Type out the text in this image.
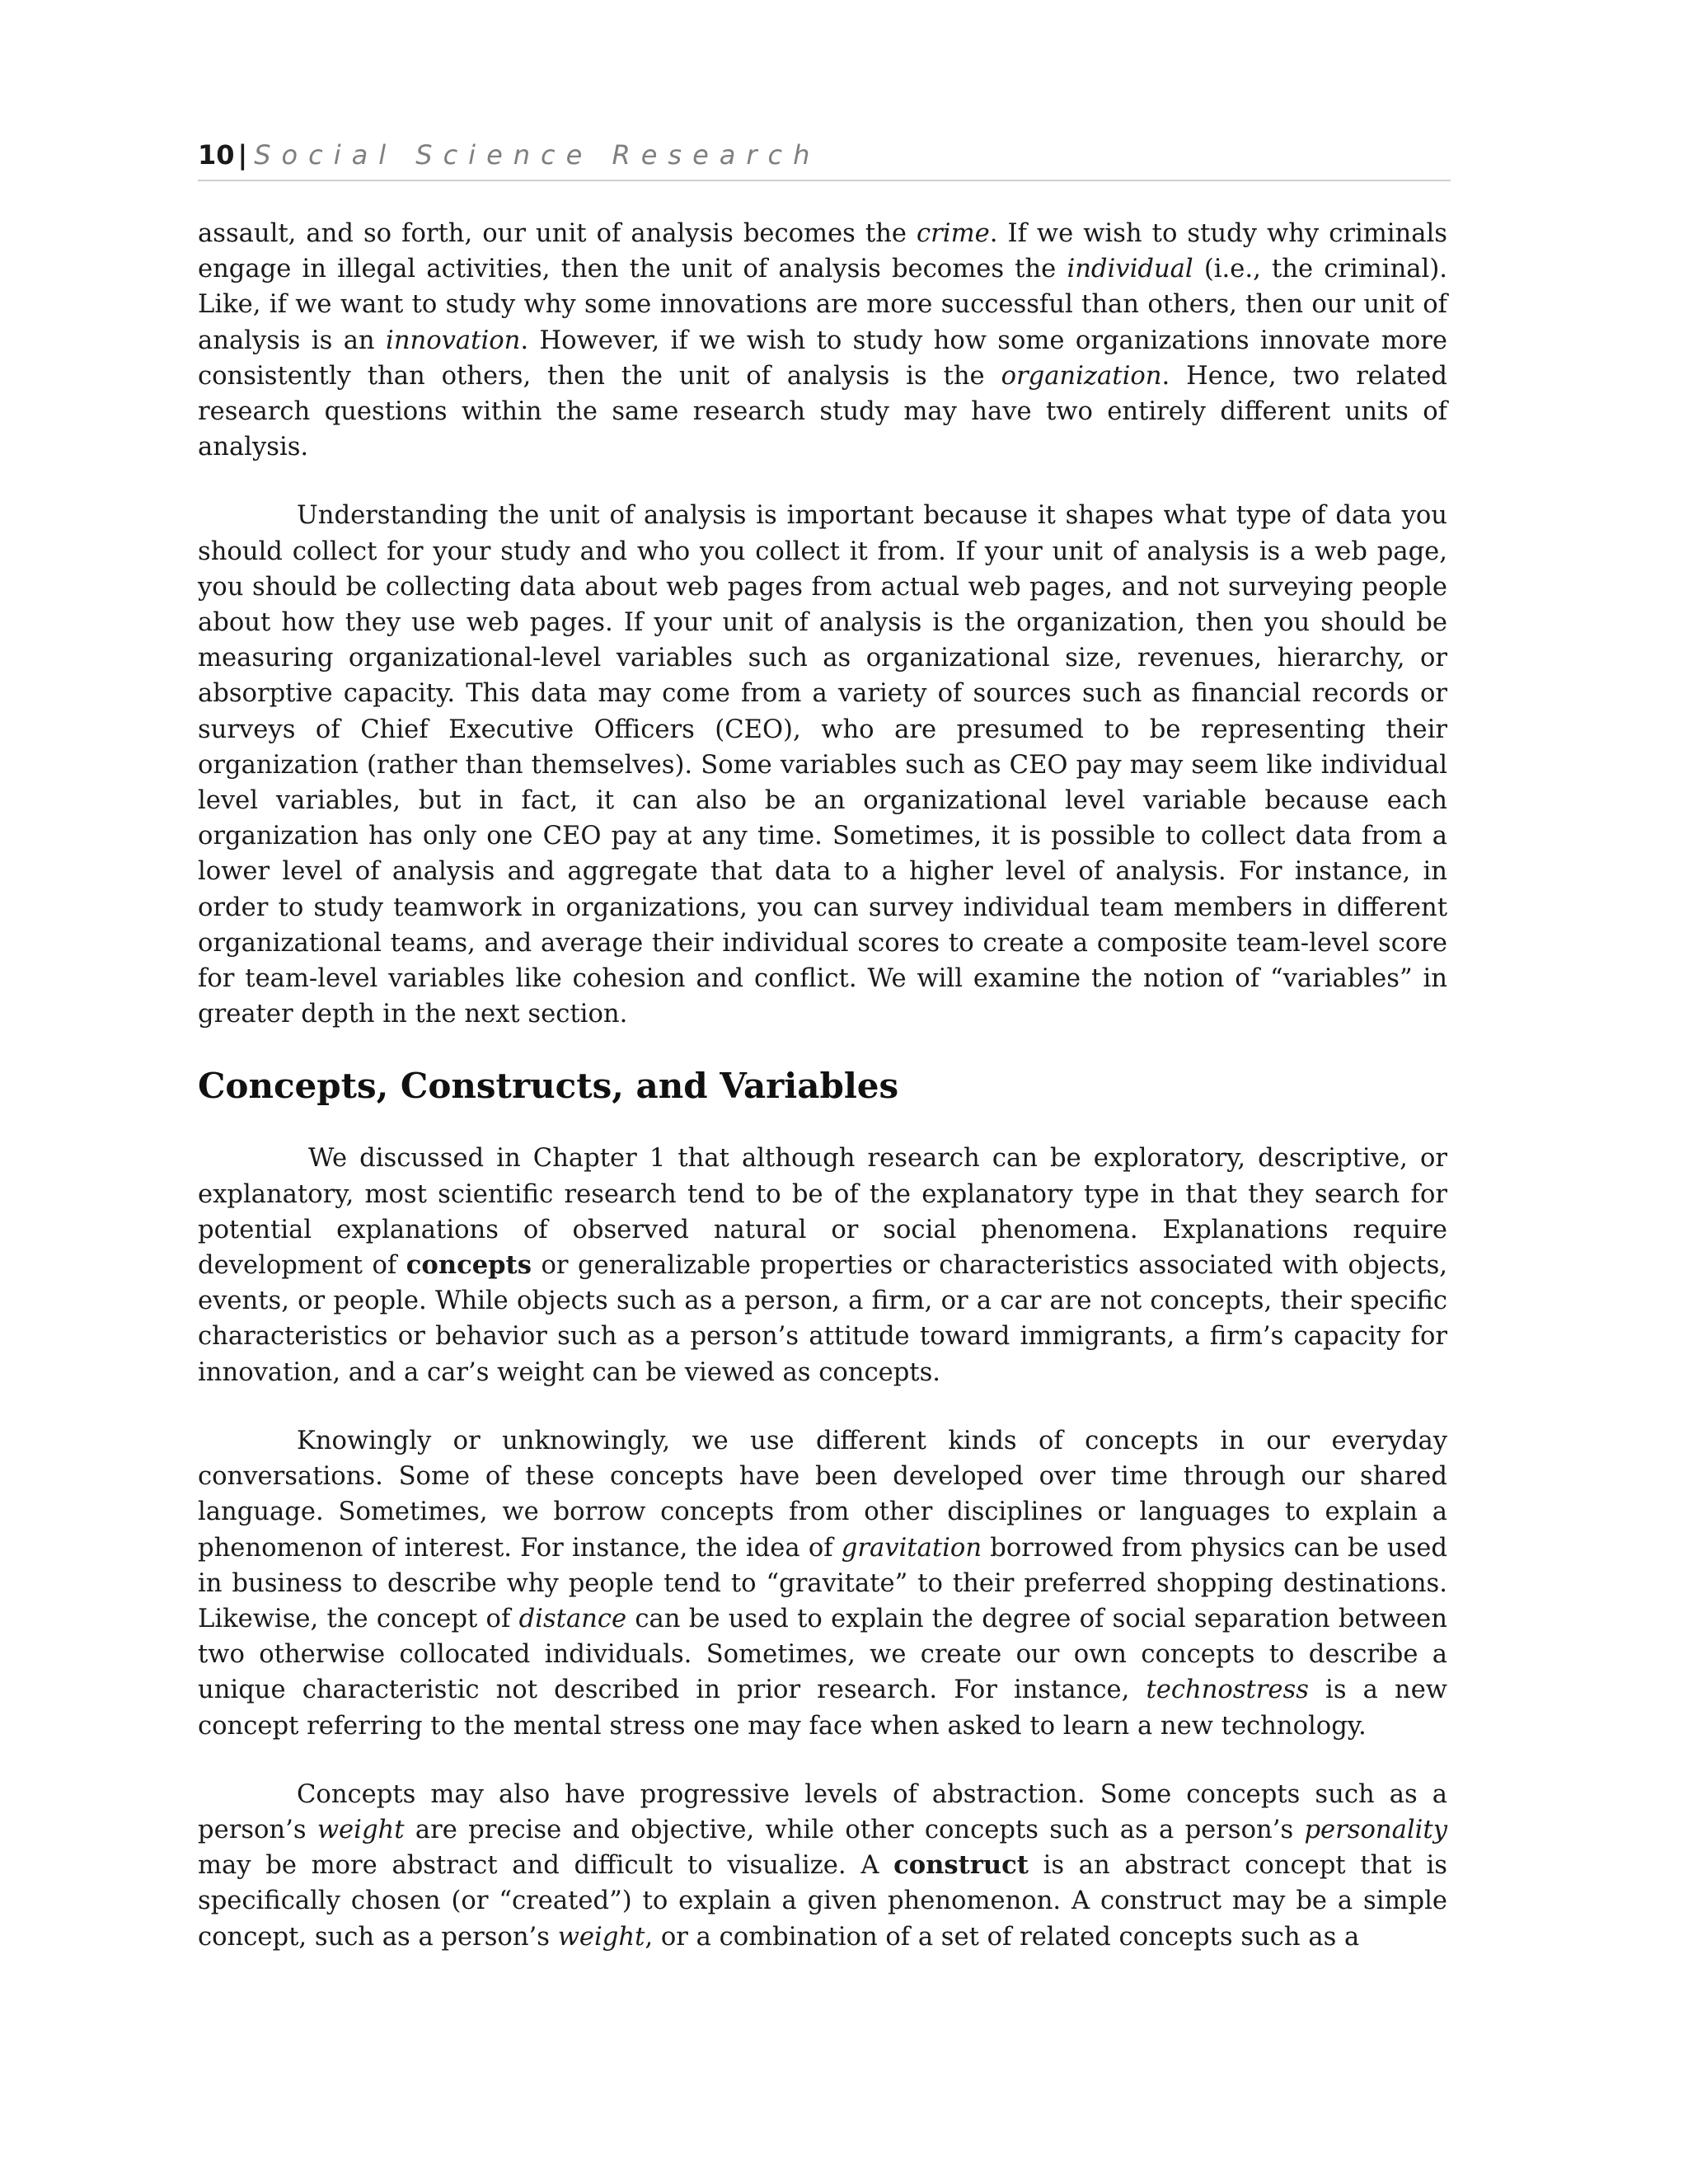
10 | Social Science Research

assault, and so forth, our unit of analysis becomes the crime. If we wish to study why criminals engage in illegal activities, then the unit of analysis becomes the individual (i.e., the criminal). Like, if we want to study why some innovations are more successful than others, then our unit of analysis is an innovation. However, if we wish to study how some organizations innovate more consistently than others, then the unit of analysis is the organization. Hence, two related research questions within the same research study may have two entirely different units of analysis.

Understanding the unit of analysis is important because it shapes what type of data you should collect for your study and who you collect it from. If your unit of analysis is a web page, you should be collecting data about web pages from actual web pages, and not surveying people about how they use web pages. If your unit of analysis is the organization, then you should be measuring organizational-level variables such as organizational size, revenues, hierarchy, or absorptive capacity. This data may come from a variety of sources such as financial records or surveys of Chief Executive Officers (CEO), who are presumed to be representing their organization (rather than themselves). Some variables such as CEO pay may seem like individual level variables, but in fact, it can also be an organizational level variable because each organization has only one CEO pay at any time. Sometimes, it is possible to collect data from a lower level of analysis and aggregate that data to a higher level of analysis. For instance, in order to study teamwork in organizations, you can survey individual team members in different organizational teams, and average their individual scores to create a composite team-level score for team-level variables like cohesion and conflict. We will examine the notion of “variables” in greater depth in the next section.

Concepts, Constructs, and Variables

We discussed in Chapter 1 that although research can be exploratory, descriptive, or explanatory, most scientific research tend to be of the explanatory type in that they search for potential explanations of observed natural or social phenomena. Explanations require development of concepts or generalizable properties or characteristics associated with objects, events, or people. While objects such as a person, a firm, or a car are not concepts, their specific characteristics or behavior such as a person’s attitude toward immigrants, a firm’s capacity for innovation, and a car’s weight can be viewed as concepts.

Knowingly or unknowingly, we use different kinds of concepts in our everyday conversations. Some of these concepts have been developed over time through our shared language. Sometimes, we borrow concepts from other disciplines or languages to explain a phenomenon of interest. For instance, the idea of gravitation borrowed from physics can be used in business to describe why people tend to “gravitate” to their preferred shopping destinations. Likewise, the concept of distance can be used to explain the degree of social separation between two otherwise collocated individuals. Sometimes, we create our own concepts to describe a unique characteristic not described in prior research. For instance, technostress is a new concept referring to the mental stress one may face when asked to learn a new technology.

Concepts may also have progressive levels of abstraction. Some concepts such as a person’s weight are precise and objective, while other concepts such as a person’s personality may be more abstract and difficult to visualize. A construct is an abstract concept that is specifically chosen (or “created”) to explain a given phenomenon. A construct may be a simple concept, such as a person’s weight, or a combination of a set of related concepts such as a
